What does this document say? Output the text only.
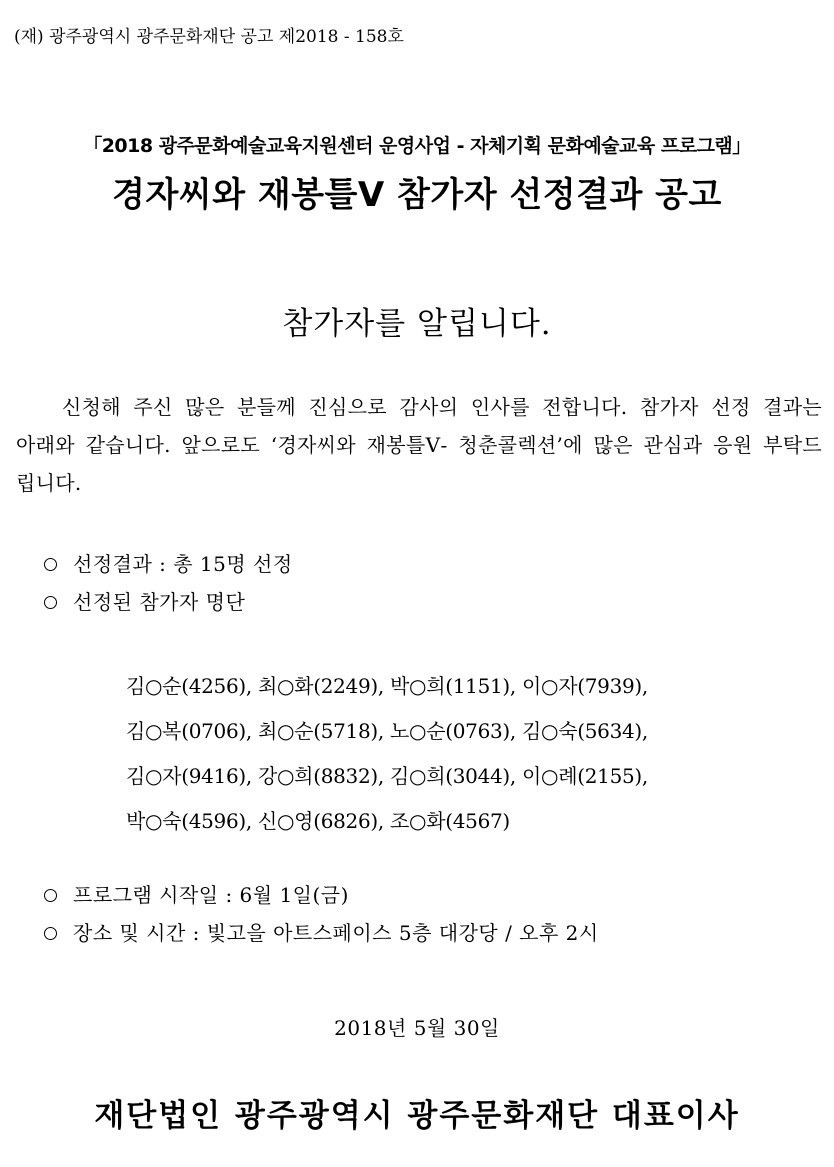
(재) 광주광역시 광주문화재단 공고 제2018 - 158호
「2018 광주문화예술교육지원센터 운영사업 - 자체기획 문화예술교육 프로그램」
경자씨와 재봉틀Ⅴ 참가자 선정결과 공고
참가자를 알립니다.
신청해 주신 많은 분들께 진심으로 감사의 인사를 전합니다. 참가자 선정 결과는 아래와 같습니다. 앞으로도 ‘경자씨와 재봉틀Ⅴ- 청춘콜렉션’에 많은 관심과 응원 부탁드립니다.
선정결과 : 총 15명 선정
선정된 참가자 명단
김○순(4256), 최○화(2249), 박○희(1151), 이○자(7939),
김○복(0706), 최○순(5718), 노○순(0763), 김○숙(5634),
김○자(9416), 강○희(8832), 김○희(3044), 이○례(2155),
박○숙(4596), 신○영(6826), 조○화(4567)
프로그램 시작일 : 6월 1일(금)
장소 및 시간 : 빛고을 아트스페이스 5층 대강당 / 오후 2시
2018년 5월 30일
재단법인 광주광역시 광주문화재단 대표이사
